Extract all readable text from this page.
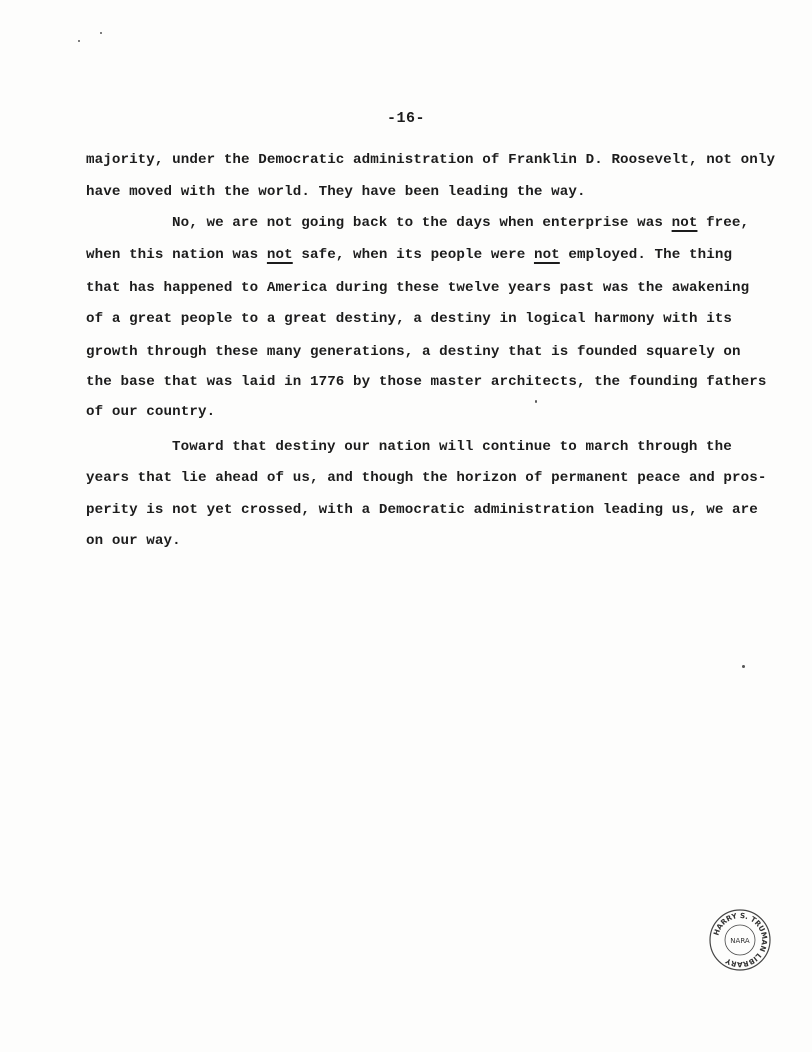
-16-
majority, under the Democratic administration of Franklin D. Roosevelt, not only
have moved with the world. They have been leading the way.
No, we are not going back to the days when enterprise was not free,
when this nation was not safe, when its people were not employed. The thing
that has happened to America during these twelve years past was the awakening
of a great people to a great destiny, a destiny in logical harmony with its
growth through these many generations, a destiny that is founded squarely on
the base that was laid in 1776 by those master architects, the founding fathers
of our country.
Toward that destiny our nation will continue to march through the
years that lie ahead of us, and though the horizon of permanent peace and pros-
perity is not yet crossed, with a Democratic administration leading us, we are
on our way.
HARRY S. TRUMAN LIBRARY
NARA
